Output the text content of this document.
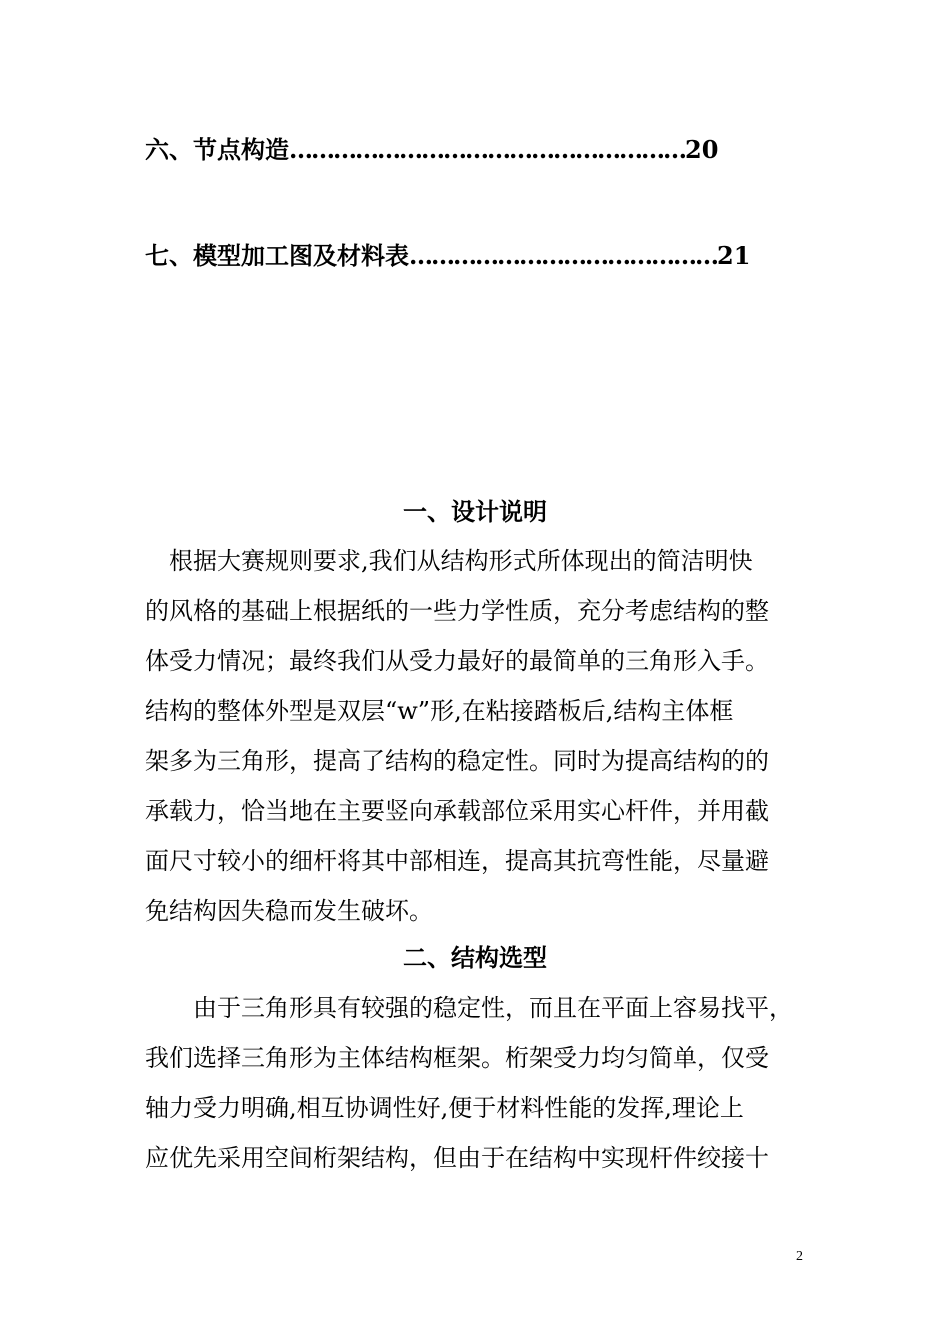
六、节点构造………………………………………………20
七、模型加工图及材料表……………………………………21
一、设计说明
　根据大赛规则要求,我们从结构形式所体现出的简洁明快
的风格的基础上根据纸的一些力学性质，充分考虑结构的整
体受力情况；最终我们从受力最好的最简单的三角形入手。
结构的整体外型是双层“w”形,在粘接踏板后,结构主体框
架多为三角形，提高了结构的稳定性。同时为提高结构的的
承载力，恰当地在主要竖向承载部位采用实心杆件，并用截
面尺寸较小的细杆将其中部相连，提高其抗弯性能，尽量避
免结构因失稳而发生破坏。
二、结构选型
　　由于三角形具有较强的稳定性，而且在平面上容易找平，
我们选择三角形为主体结构框架。桁架受力均匀简单，仅受
轴力受力明确,相互协调性好,便于材料性能的发挥,理论上
应优先采用空间桁架结构，但由于在结构中实现杆件绞接十
2
